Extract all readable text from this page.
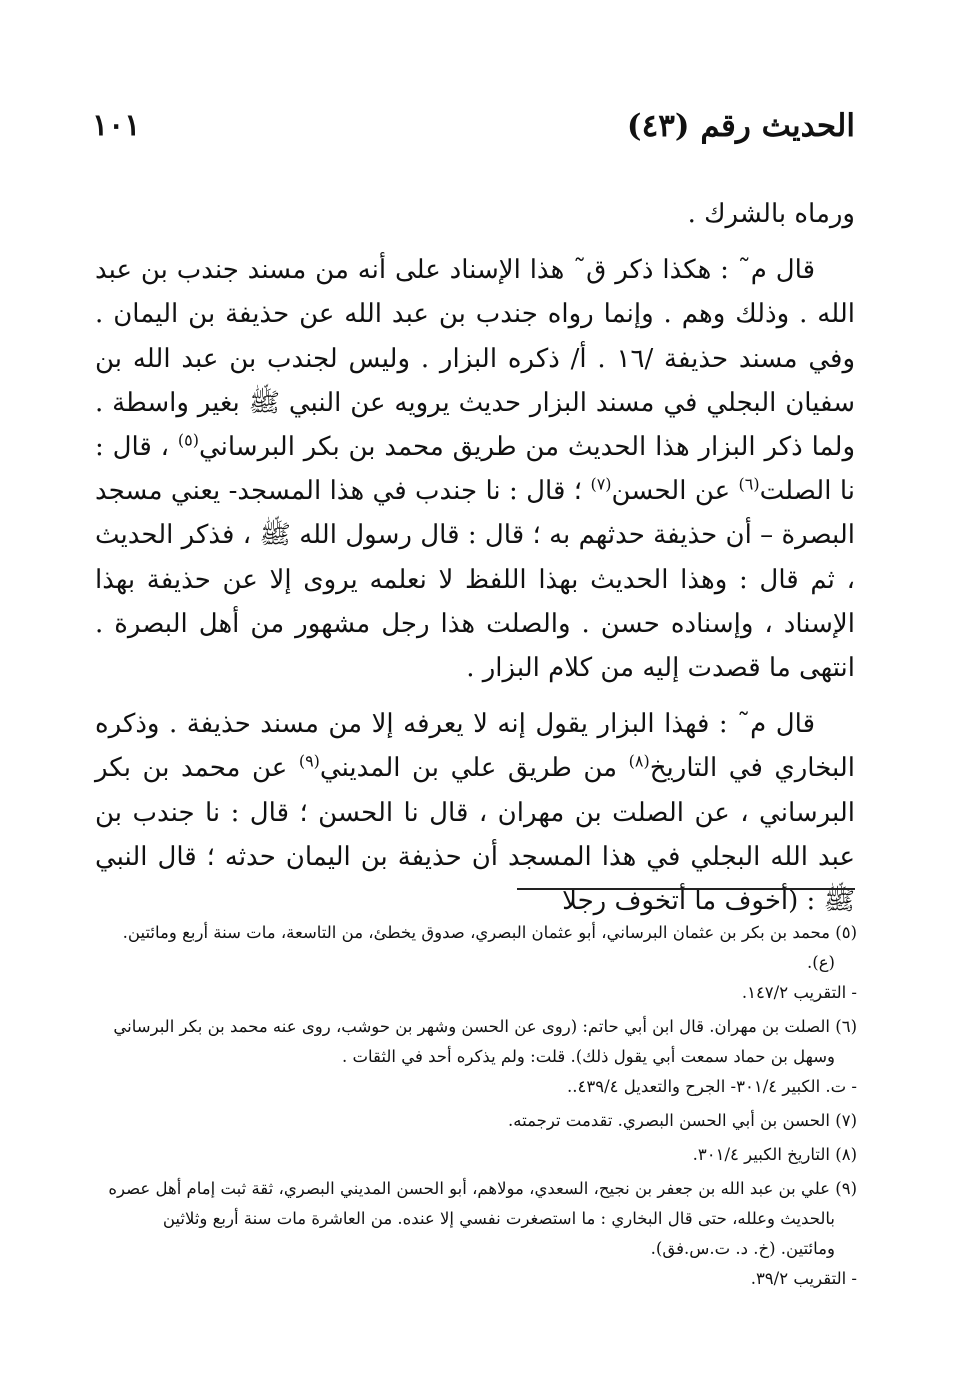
الحديث رقم (٤٣)
١٠١

ورماه بالشرك .

قال م˜ : هكذا ذكر ق˜ هذا الإسناد على أنه من مسند جندب بن عبد الله . وذلك وهم . وإنما رواه جندب بن عبد الله عن حذيفة بن اليمان . وفي مسند حذيفة /١٦ . أ/ ذكره البزار . وليس لجندب بن عبد الله بن سفيان البجلي في مسند البزار حديث يرويه عن النبي ﷺ بغير واسطة . ولما ذكر البزار هذا الحديث من طريق محمد بن بكر البرساني$^{(٥)}$ ، قال : نا الصلت$^{(٦)}$ عن الحسن$^{(٧)}$ ؛ قال : نا جندب في هذا المسجد- يعني مسجد البصرة – أن حذيفة حدثهم به ؛ قال : قال رسول الله ﷺ ، فذكر الحديث ، ثم قال : وهذا الحديث بهذا اللفظ لا نعلمه يروى إلا عن حذيفة بهذا الإسناد ، وإسناده حسن . والصلت هذا رجل مشهور من أهل البصرة . انتهى ما قصدت إليه من كلام البزار .

قال م˜ : فهذا البزار يقول إنه لا يعرفه إلا من مسند حذيفة . وذكره البخاري في التاريخ$^{(٨)}$ من طريق علي بن المديني$^{(٩)}$ عن محمد بن بكر البرساني ، عن الصلت بن مهران ، قال نا الحسن ؛ قال : نا جندب بن عبد الله البجلي في هذا المسجد أن حذيفة بن اليمان حدثه ؛ قال النبي ﷺ : (أخوف ما أتخوف رجلا

(٥) محمد بن بكر بن عثمان البرساني، أبو عثمان البصري، صدوق يخطئ، من التاسعة، مات سنة أربع ومائتين.
(ع).
- التقريب ١٤٧/٢.
(٦) الصلت بن مهران. قال ابن أبي حاتم: (روى عن الحسن وشهر بن حوشب، روى عنه محمد بن بكر البرساني
وسهل بن حماد سمعت أبي يقول ذلك). قلت: ولم يذكره أحد في الثقات .
- ت. الكبير ٣٠١/٤- الجرح والتعديل ٤٣٩/٤..
(٧) الحسن بن أبي الحسن البصري. تقدمت ترجمته.
(٨) التاريخ الكبير ٣٠١/٤.
(٩) علي بن عبد الله بن جعفر بن نجيح، السعدي، مولاهم، أبو الحسن المديني البصري، ثقة ثبت إمام أهل عصره
بالحديث وعلله، حتى قال البخاري : ما استصغرت نفسي إلا عنده. من العاشرة مات سنة أربع وثلاثين
ومائتين. (خ. د. ت.س.فق).
- التقريب ٣٩/٢.
